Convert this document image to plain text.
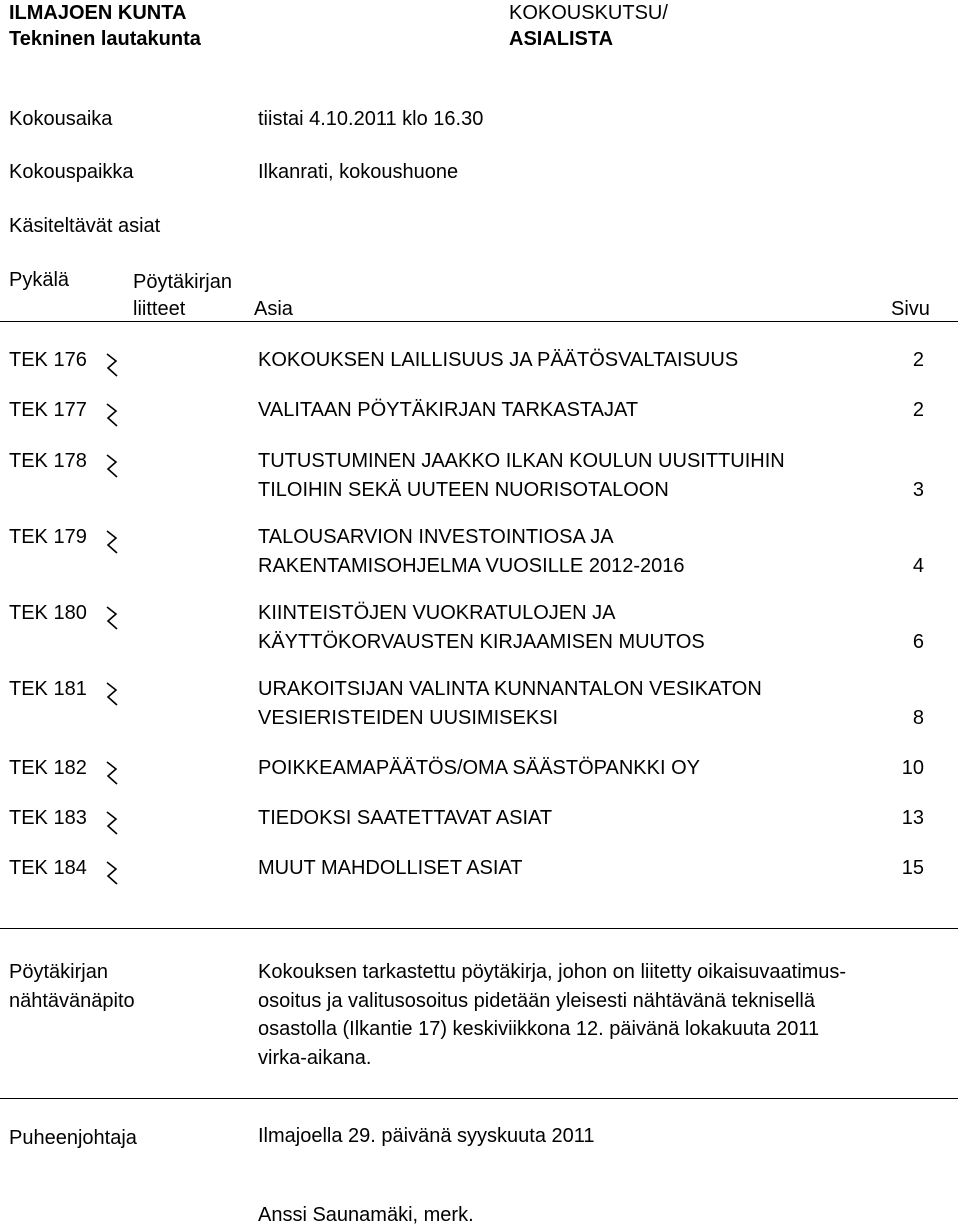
ILMAJOEN KUNTA
Tekninen lautakunta
KOKOUSKUTSU/
ASIALISTA
Kokousaika	tiistai 4.10.2011 klo 16.30
Kokouspaikka	Ilkanrati, kokoushuone
Käsiteltävät asiat
Pykälä	Pöytäkirjan
liitteet	Asia	Sivu
TEK 176	KOKOUKSEN LAILLISUUS JA PÄÄTÖSVALTAISUUS	2
TEK 177	VALITAAN PÖYTÄKIRJAN TARKASTAJAT	2
TEK 178	TUTUSTUMINEN JAAKKO ILKAN KOULUN UUSITTUIHIN
TILOIHIN SEKÄ UUTEEN NUORISOTALOON	3
TEK 179	TALOUSARVION INVESTOINTIOSA JA
RAKENTAMISOHJELMA VUOSILLE 2012-2016	4
TEK 180	KIINTEISTÖJEN VUOKRATULOJEN JA
KÄYTTÖKORVAUSTEN KIRJAAMISEN MUUTOS	6
TEK 181	URAKOITSIJAN VALINTA KUNNANTALON VESIKATON
VESIERISTEIDEN UUSIMISEKSI	8
TEK 182	POIKKEAMAPÄÄTÖS/OMA SÄÄSTÖPANKKI OY	10
TEK 183	TIEDOKSI SAATETTAVAT ASIAT	13
TEK 184	MUUT MAHDOLLISET ASIAT	15
Pöytäkirjan
nähtävänäpito
Kokouksen tarkastettu pöytäkirja, johon on liitetty oikaisuvaatimus-
osoitus ja valitusosoitus pidetään yleisesti nähtävänä teknisellä
osastolla (Ilkantie 17) keskiviikkona 12. päivänä lokakuuta 2011
virka-aikana.
Puheenjohtaja	Ilmajoella 29. päivänä syyskuuta 2011
Anssi Saunamäki, merk.
